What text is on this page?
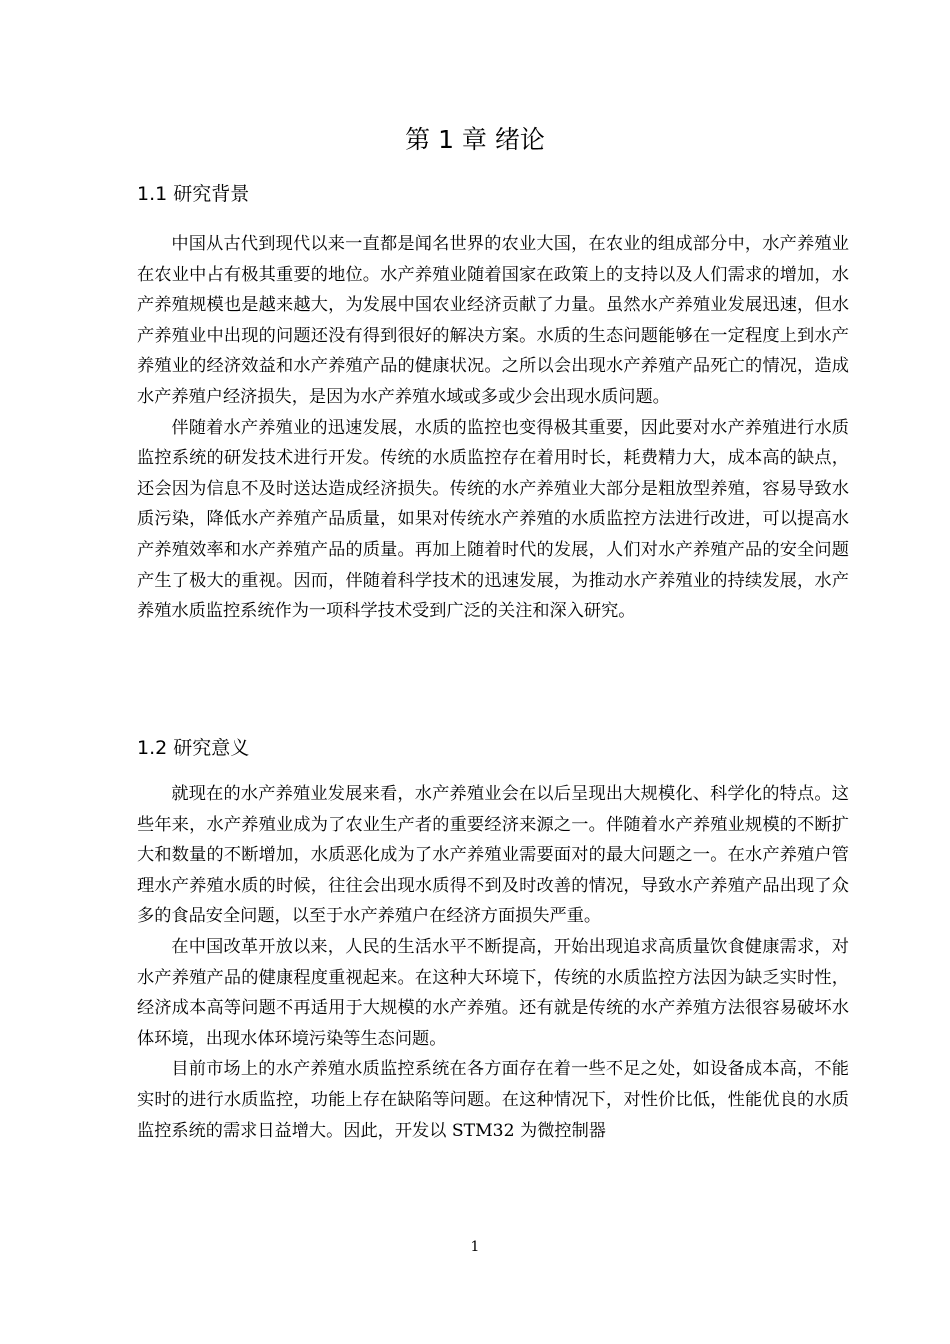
第 1 章 绪论
1.1 研究背景

中国从古代到现代以来一直都是闻名世界的农业大国，在农业的组成部分中，水产养殖业在农业中占有极其重要的地位。水产养殖业随着国家在政策上的支持以及人们需求的增加，水产养殖规模也是越来越大，为发展中国农业经济贡献了力量。虽然水产养殖业发展迅速，但水产养殖业中出现的问题还没有得到很好的解决方案。水质的生态问题能够在一定程度上到水产养殖业的经济效益和水产养殖产品的健康状况。之所以会出现水产养殖产品死亡的情况，造成水产养殖户经济损失，是因为水产养殖水域或多或少会出现水质问题。

伴随着水产养殖业的迅速发展，水质的监控也变得极其重要，因此要对水产养殖进行水质监控系统的研发技术进行开发。传统的水质监控存在着用时长，耗费精力大，成本高的缺点，还会因为信息不及时送达造成经济损失。传统的水产养殖业大部分是粗放型养殖，容易导致水质污染，降低水产养殖产品质量，如果对传统水产养殖的水质监控方法进行改进，可以提高水产养殖效率和水产养殖产品的质量。再加上随着时代的发展，人们对水产养殖产品的安全问题产生了极大的重视。因而，伴随着科学技术的迅速发展，为推动水产养殖业的持续发展，水产养殖水质监控系统作为一项科学技术受到广泛的关注和深入研究。

1.2 研究意义

就现在的水产养殖业发展来看，水产养殖业会在以后呈现出大规模化、科学化的特点。这些年来，水产养殖业成为了农业生产者的重要经济来源之一。伴随着水产养殖业规模的不断扩大和数量的不断增加，水质恶化成为了水产养殖业需要面对的最大问题之一。在水产养殖户管理水产养殖水质的时候，往往会出现水质得不到及时改善的情况，导致水产养殖产品出现了众多的食品安全问题，以至于水产养殖户在经济方面损失严重。

在中国改革开放以来，人民的生活水平不断提高，开始出现追求高质量饮食健康需求，对水产养殖产品的健康程度重视起来。在这种大环境下，传统的水质监控方法因为缺乏实时性，经济成本高等问题不再适用于大规模的水产养殖。还有就是传统的水产养殖方法很容易破坏水体环境，出现水体环境污染等生态问题。

目前市场上的水产养殖水质监控系统在各方面存在着一些不足之处，如设备成本高，不能实时的进行水质监控，功能上存在缺陷等问题。在这种情况下，对性价比低，性能优良的水质监控系统的需求日益增大。因此，开发以 STM32 为微控制器

1
